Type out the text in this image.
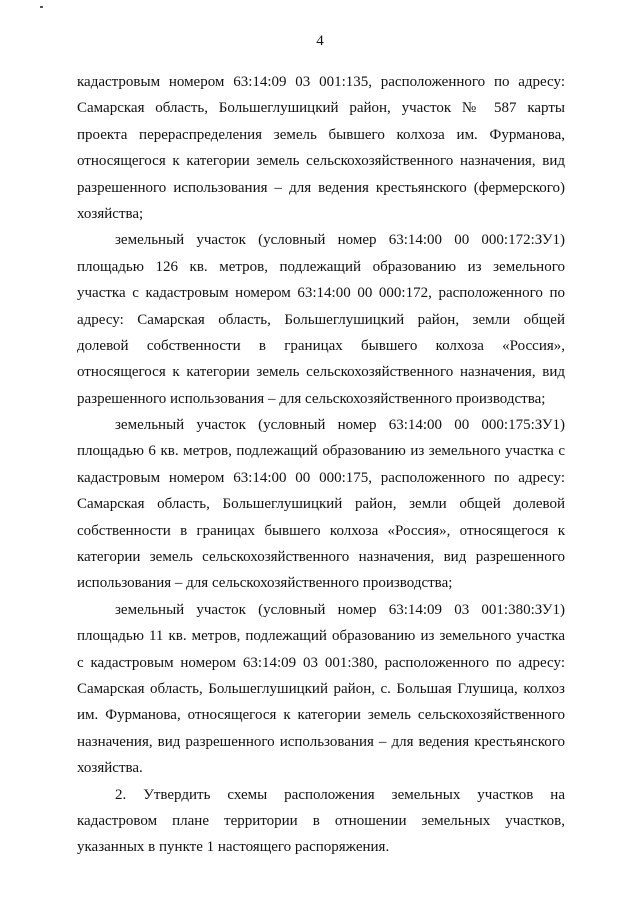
4
кадастровым номером 63:14:09 03 001:135, расположенного по адресу:
Самарская область, Большеглушицкий район, участок № 587 карты
проекта перераспределения земель бывшего колхоза им. Фурманова,
относящегося к категории земель сельскохозяйственного назначения, вид
разрешенного использования – для ведения крестьянского (фермерского)
хозяйства;
земельный участок (условный номер 63:14:00 00 000:172:ЗУ1)
площадью 126 кв. метров, подлежащий образованию из земельного
участка с кадастровым номером 63:14:00 00 000:172, расположенного по
адресу: Самарская область, Большеглушицкий район, земли общей
долевой собственности в границах бывшего колхоза «Россия»,
относящегося к категории земель сельскохозяйственного назначения, вид
разрешенного использования – для сельскохозяйственного производства;
земельный участок (условный номер 63:14:00 00 000:175:ЗУ1)
площадью 6 кв. метров, подлежащий образованию из земельного участка с
кадастровым номером 63:14:00 00 000:175, расположенного по адресу:
Самарская область, Большеглушицкий район, земли общей долевой
собственности в границах бывшего колхоза «Россия», относящегося к
категории земель сельскохозяйственного назначения, вид разрешенного
использования – для сельскохозяйственного производства;
земельный участок (условный номер 63:14:09 03 001:380:ЗУ1)
площадью 11 кв. метров, подлежащий образованию из земельного участка
с кадастровым номером 63:14:09 03 001:380, расположенного по адресу:
Самарская область, Большеглушицкий район, с. Большая Глушица, колхоз
им. Фурманова, относящегося к категории земель сельскохозяйственного
назначения, вид разрешенного использования – для ведения крестьянского
хозяйства.
2. Утвердить схемы расположения земельных участков на
кадастровом плане территории в отношении земельных участков,
указанных в пункте 1 настоящего распоряжения.
